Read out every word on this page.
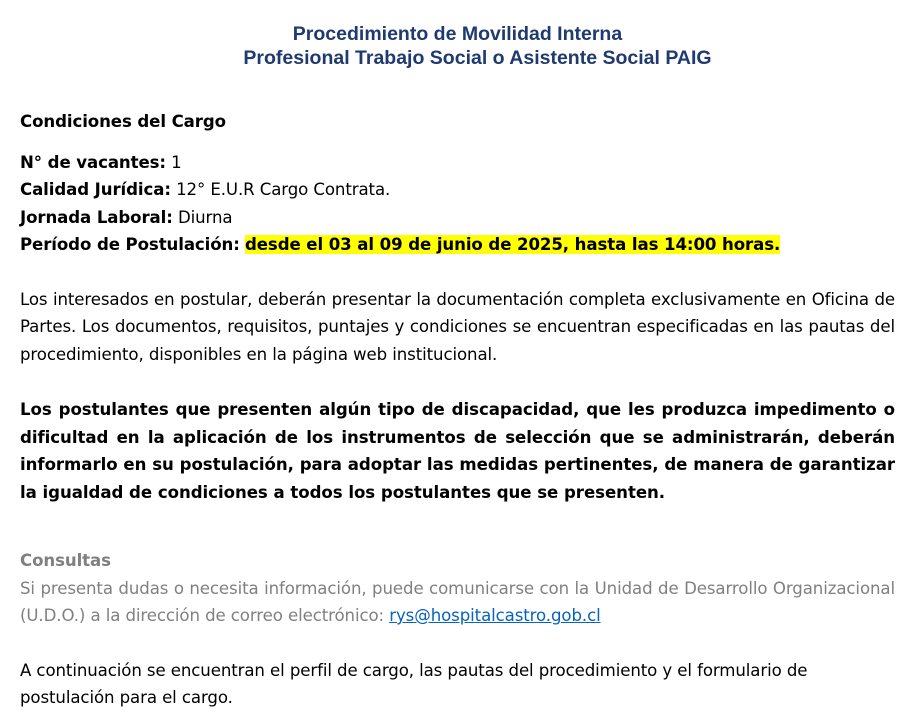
Procedimiento de Movilidad Interna

Profesional Trabajo Social o Asistente Social PAIG

Condiciones del Cargo
N° de vacantes: 1
Calidad Jurídica: 12° E.U.R Cargo Contrata.
Jornada Laboral: Diurna
Período de Postulación: desde el 03 al 09 de junio de 2025, hasta las 14:00 horas.

Los interesados en postular, deberán presentar la documentación completa exclusivamente en Oficina de Partes. Los documentos, requisitos, puntajes y condiciones se encuentran especificadas en las pautas del procedimiento, disponibles en la página web institucional.

Los postulantes que presenten algún tipo de discapacidad, que les produzca impedimento o dificultad en la aplicación de los instrumentos de selección que se administrarán, deberán informarlo en su postulación, para adoptar las medidas pertinentes, de manera de garantizar la igualdad de condiciones a todos los postulantes que se presenten.

Consultas
Si presenta dudas o necesita información, puede comunicarse con la Unidad de Desarrollo Organizacional (U.D.O.) a la dirección de correo electrónico: rys@hospitalcastro.gob.cl

A continuación se encuentran el perfil de cargo, las pautas del procedimiento y el formulario de postulación para el cargo.
